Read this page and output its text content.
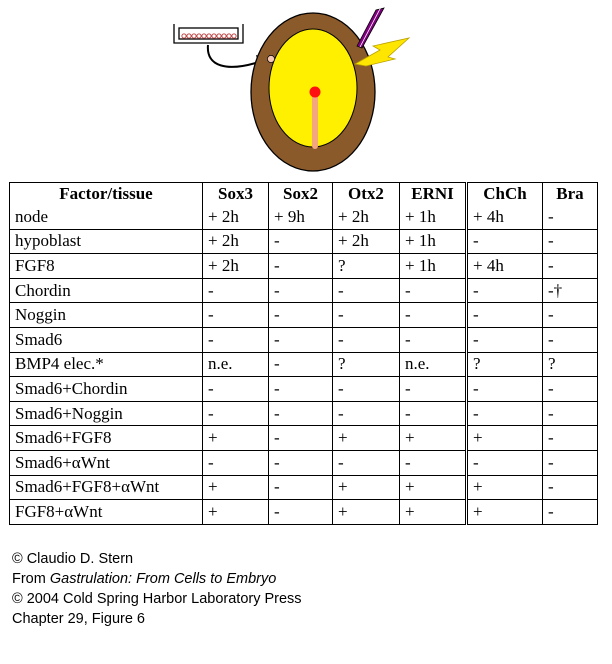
Factor/tissue	Sox3	Sox2	Otx2	ERNI	ChCh	Bra
node	+ 2h	+ 9h	+ 2h	+ 1h	+ 4h	-
hypoblast	+ 2h	-	+ 2h	+ 1h	-	-
FGF8	+ 2h	-	?	+ 1h	+ 4h	-
Chordin	-	-	-	-	-	-†
Noggin	-	-	-	-	-	-
Smad6	-	-	-	-	-	-
BMP4 elec.*	n.e.	-	?	n.e.	?	?
Smad6+Chordin	-	-	-	-	-	-
Smad6+Noggin	-	-	-	-	-	-
Smad6+FGF8	+	-	+	+	+	-
Smad6+αWnt	-	-	-	-	-	-
Smad6+FGF8+αWnt	+	-	+	+	+	-
FGF8+αWnt	+	-	+	+	+	-
© Claudio D. Stern
From Gastrulation: From Cells to Embryo
© 2004 Cold Spring Harbor Laboratory Press
Chapter 29, Figure 6
